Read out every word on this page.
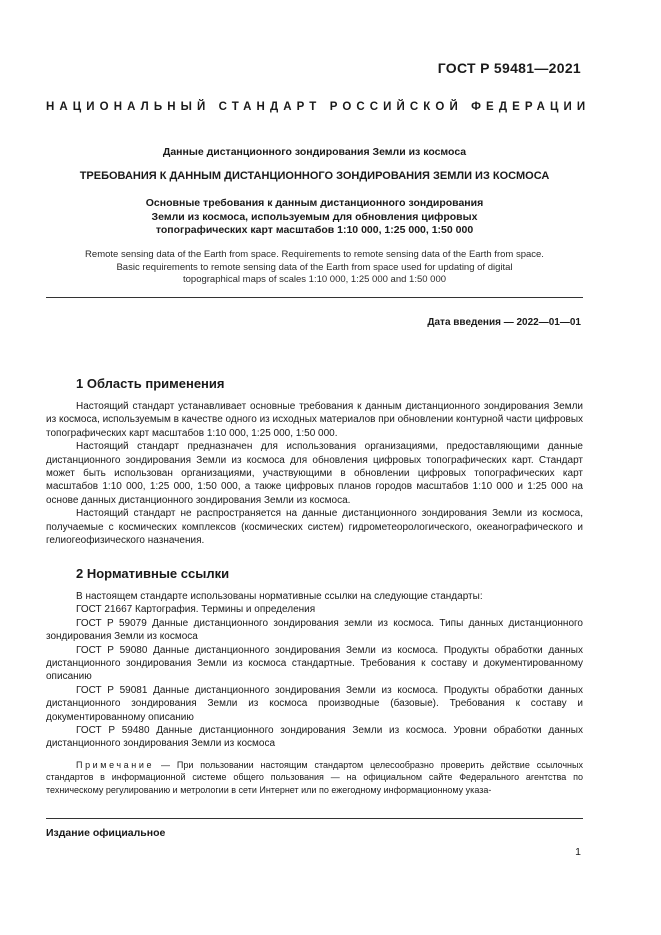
ГОСТ Р 59481—2021
НАЦИОНАЛЬНЫЙ СТАНДАРТ РОССИЙСКОЙ ФЕДЕРАЦИИ
Данные дистанционного зондирования Земли из космоса
ТРЕБОВАНИЯ К ДАННЫМ ДИСТАНЦИОННОГО ЗОНДИРОВАНИЯ ЗЕМЛИ ИЗ КОСМОСА
Основные требования к данным дистанционного зондирования
Земли из космоса, используемым для обновления цифровых
топографических карт масштабов 1:10 000, 1:25 000, 1:50 000
Remote sensing data of the Earth from space. Requirements to remote sensing data of the Earth from space.
Basic requirements to remote sensing data of the Earth from space used for updating of digital
topographical maps of scales 1:10 000, 1:25 000 and 1:50 000
Дата введения — 2022—01—01
1 Область применения

Настоящий стандарт устанавливает основные требования к данным дистанционного зондирования Земли из космоса, используемым в качестве одного из исходных материалов при обновлении контурной части цифровых топографических карт масштабов 1:10 000, 1:25 000, 1:50 000.

Настоящий стандарт предназначен для использования организациями, предоставляющими данные дистанционного зондирования Земли из космоса для обновления цифровых топографических карт. Стандарт может быть использован организациями, участвующими в обновлении цифровых топографических карт масштабов 1:10 000, 1:25 000, 1:50 000, а также цифровых планов городов масштабов 1:10 000 и 1:25 000 на основе данных дистанционного зондирования Земли из космоса.

Настоящий стандарт не распространяется на данные дистанционного зондирования Земли из космоса, получаемые с космических комплексов (космических систем) гидрометеорологического, океанографического и гелиогеофизического назначения.

2 Нормативные ссылки

В настоящем стандарте использованы нормативные ссылки на следующие стандарты:

ГОСТ 21667 Картография. Термины и определения

ГОСТ Р 59079 Данные дистанционного зондирования земли из космоса. Типы данных дистанционного зондирования Земли из космоса

ГОСТ Р 59080 Данные дистанционного зондирования Земли из космоса. Продукты обработки данных дистанционного зондирования Земли из космоса стандартные. Требования к составу и документированному описанию

ГОСТ Р 59081 Данные дистанционного зондирования Земли из космоса. Продукты обработки данных дистанционного зондирования Земли из космоса производные (базовые). Требования к составу и документированному описанию

ГОСТ Р 59480 Данные дистанционного зондирования Земли из космоса. Уровни обработки данных дистанционного зондирования Земли из космоса

Примечание — При пользовании настоящим стандартом целесообразно проверить действие ссылочных стандартов в информационной системе общего пользования — на официальном сайте Федерального агентства по техническому регулированию и метрологии в сети Интернет или по ежегодному информационному указа-

Издание официальное
1
